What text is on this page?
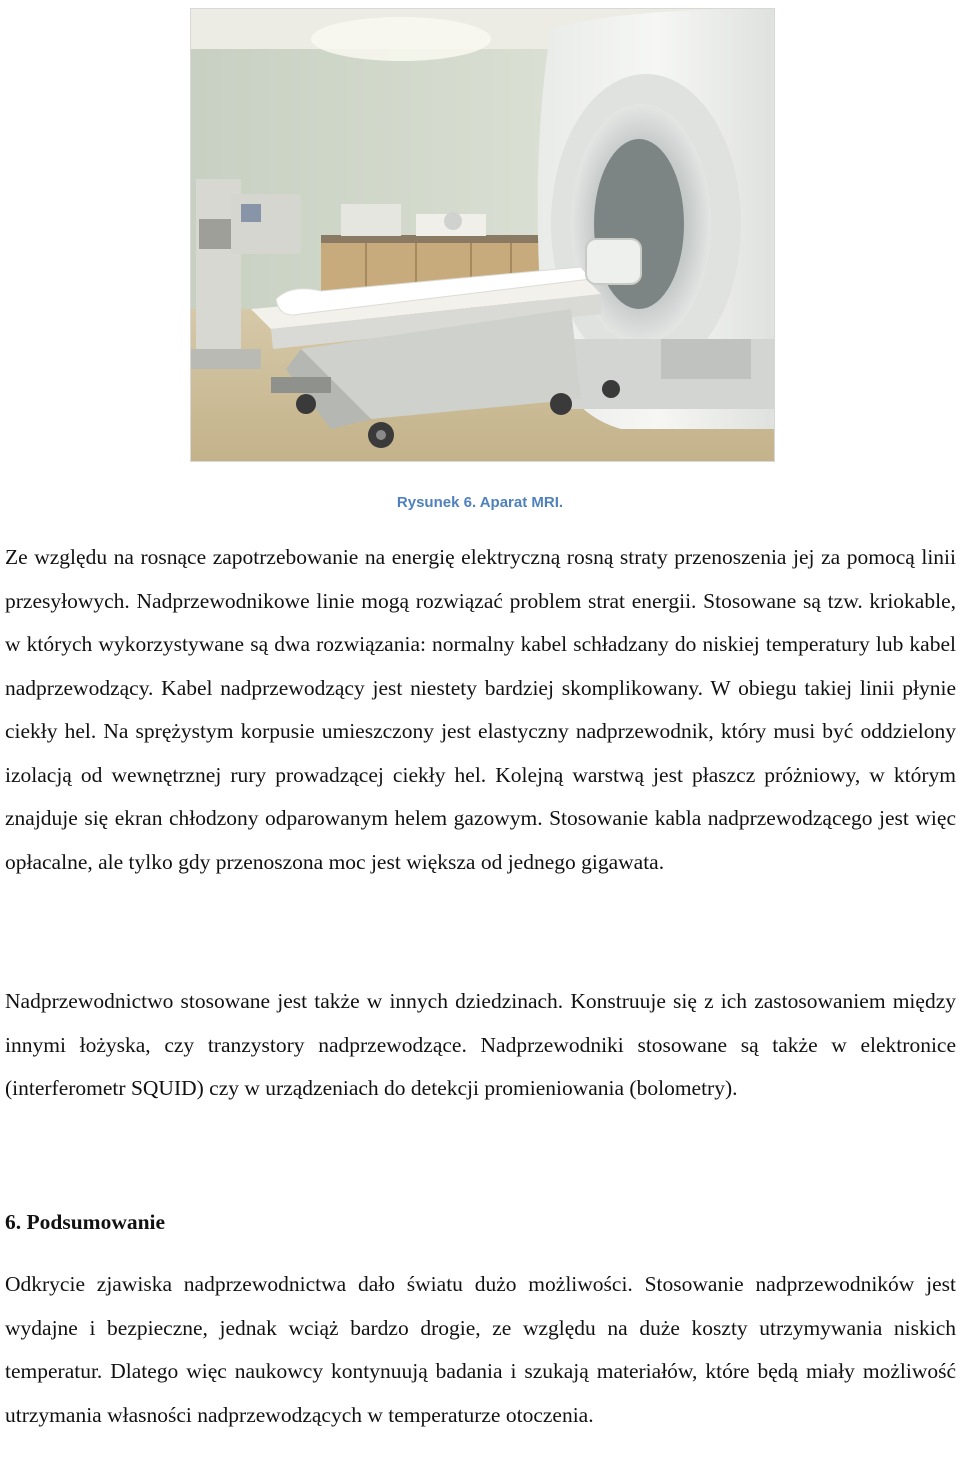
Rysunek 6. Aparat MRI.

Ze względu na rosnące zapotrzebowanie na energię elektryczną rosną straty przenoszenia jej za pomocą linii przesyłowych. Nadprzewodnikowe linie mogą rozwiązać problem strat energii. Stosowane są tzw. kriokable, w których wykorzystywane są dwa rozwiązania: normalny kabel schładzany do niskiej temperatury lub kabel nadprzewodzący. Kabel nadprzewodzący jest niestety bardziej skomplikowany. W obiegu takiej linii płynie ciekły hel. Na sprężystym korpusie umieszczony jest elastyczny nadprzewodnik, który musi być oddzielony izolacją od wewnętrznej rury prowadzącej ciekły hel. Kolejną warstwą jest płaszcz próżniowy, w którym znajduje się ekran chłodzony odparowanym helem gazowym. Stosowanie kabla nadprzewodzącego jest więc opłacalne, ale tylko gdy przenoszona moc jest większa od jednego gigawata.

Nadprzewodnictwo stosowane jest także w innych dziedzinach. Konstruuje się z ich zastosowaniem między innymi łożyska, czy tranzystory nadprzewodzące. Nadprzewodniki stosowane są także w elektronice (interferometr SQUID) czy w urządzeniach do detekcji promieniowania (bolometry).

6. Podsumowanie

Odkrycie zjawiska nadprzewodnictwa dało światu dużo możliwości. Stosowanie nadprzewodników jest wydajne i bezpieczne, jednak wciąż bardzo drogie, ze względu na duże koszty utrzymywania niskich temperatur. Dlatego więc naukowcy kontynuują badania i szukają materiałów, które będą miały możliwość utrzymania własności nadprzewodzących w temperaturze otoczenia.
